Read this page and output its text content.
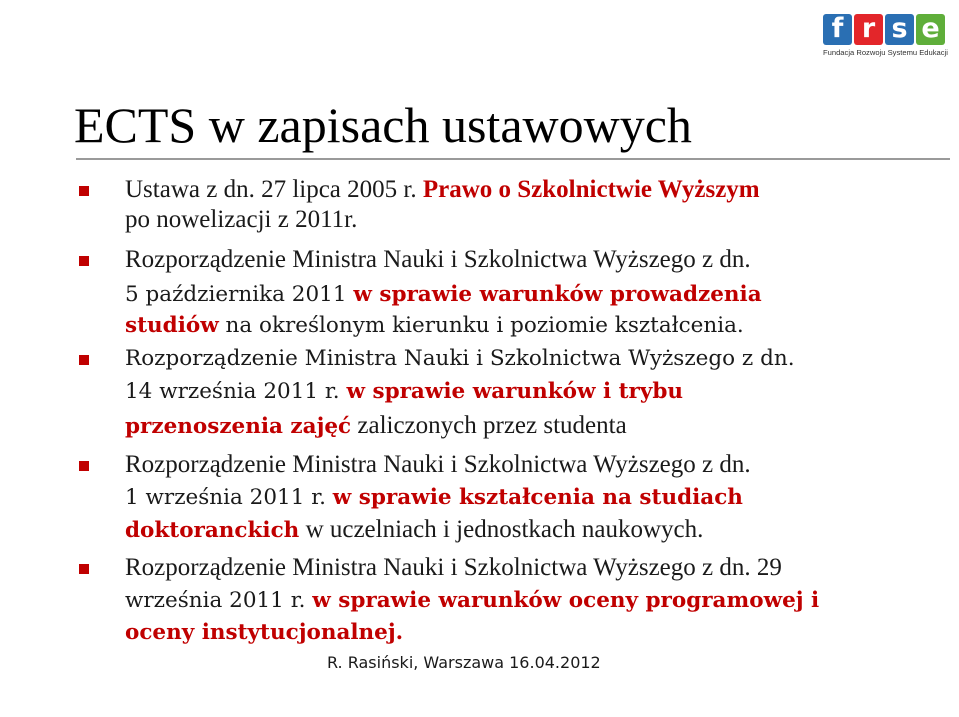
f r s e
Fundacja Rozwoju Systemu Edukacji
ECTS w zapisach ustawowych
Ustawa z dn. 27 lipca 2005 r. Prawo o Szkolnictwie Wyższym
po nowelizacji z 2011r.
Rozporządzenie Ministra Nauki i Szkolnictwa Wyższego z dn.
5 października 2011 w sprawie warunków prowadzenia
studiów na określonym kierunku i poziomie kształcenia.
Rozporządzenie Ministra Nauki i Szkolnictwa Wyższego z dn.
14 września 2011 r. w sprawie warunków i trybu
przenoszenia zajęć zaliczonych przez studenta
Rozporządzenie Ministra Nauki i Szkolnictwa Wyższego z dn.
1 września 2011 r. w sprawie kształcenia na studiach
doktoranckich w uczelniach i jednostkach naukowych.
Rozporządzenie Ministra Nauki i Szkolnictwa Wyższego z dn. 29
września 2011 r. w sprawie warunków oceny programowej i
oceny instytucjonalnej.
R. Rasiński, Warszawa 16.04.2012
